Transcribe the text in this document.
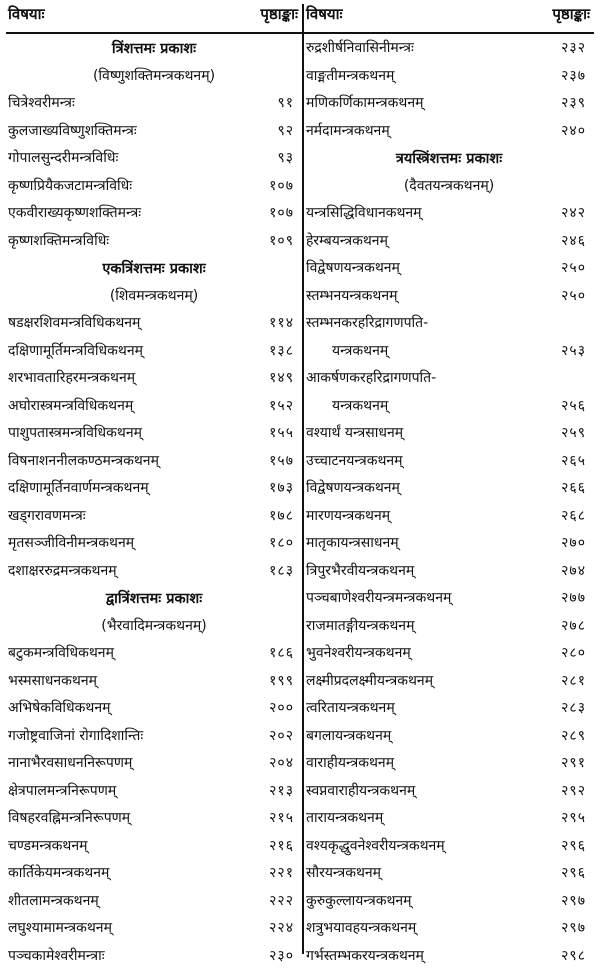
विषयाः	पृष्ठाङ्काः
त्रिंशत्तमः प्रकाशः
(विष्णुशक्तिमन्त्रकथनम्)
चित्रेश्वरीमन्त्रः	९१
कुलजाख्यविष्णुशक्तिमन्त्रः	९२
गोपालसुन्दरीमन्त्रविधिः	९३
कृष्णप्रियैकजटामन्त्रविधिः	१०७
एकवीराख्यकृष्णशक्तिमन्त्रः	१०७
कृष्णशक्तिमन्त्रविधिः	१०९
एकत्रिंशत्तमः प्रकाशः
(शिवमन्त्रकथनम्)
षडक्षरशिवमन्त्रविधिकथनम्	११४
दक्षिणामूर्तिमन्त्रविधिकथनम्	१३८
शरभावतारिहरमन्त्रकथनम्	१४९
अघोरास्त्रमन्त्रविधिकथनम्	१५२
पाशुपतास्त्रमन्त्रविधिकथनम्	१५५
विषनाशननीलकण्ठमन्त्रकथनम्	१५७
दक्षिणामूर्तिनवार्णमन्त्रकथनम्	१७३
खड्गरावणमन्त्रः	१७८
मृतसञ्जीविनीमन्त्रकथनम्	१८०
दशाक्षररुद्रमन्त्रकथनम्	१८३
द्वात्रिंशत्तमः प्रकाशः
(भैरवादिमन्त्रकथनम्)
बटुकमन्त्रविधिकथनम्	१८६
भस्मसाधनकथनम्	१९९
अभिषेकविधिकथनम्	२००
गजोष्ट्रवाजिनां रोगादिशान्तिः	२०२
नानाभैरवसाधननिरूपणम्	२०४
क्षेत्रपालमन्त्रनिरूपणम्	२१३
विषहरवह्निमन्त्रनिरूपणम्	२१५
चण्डमन्त्रकथनम्	२१६
कार्तिकेयमन्त्रकथनम्	२२१
शीतलामन्त्रकथनम्	२२२
लघुश्यामामन्त्रकथनम्	२२४
पञ्चकामेश्वरीमन्त्राः	२३०
विषयाः	पृष्ठाङ्काः
रुद्रशीर्षनिवासिनीमन्त्रः	२३२
वाङ्मतीमन्त्रकथनम्	२३७
मणिकर्णिकामन्त्रकथनम्	२३९
नर्मदामन्त्रकथनम्	२४०
त्रयस्त्रिंशत्तमः प्रकाशः
(दैवतयन्त्रकथनम्)
यन्त्रसिद्धिविधानकथनम्	२४२
हेरम्बयन्त्रकथनम्	२४६
विद्वेषणयन्त्रकथनम्	२५०
स्तम्भनयन्त्रकथनम्	२५०
स्तम्भनकरहरिद्रागणपति-
यन्त्रकथनम्	२५३
आकर्षणकरहरिद्रागणपति-
यन्त्रकथनम्	२५६
वश्यार्थं यन्त्रसाधनम्	२५९
उच्चाटनयन्त्रकथनम्	२६५
विद्वेषणयन्त्रकथनम्	२६६
मारणयन्त्रकथनम्	२६८
मातृकायन्त्रसाधनम्	२७०
त्रिपुरभैरवीयन्त्रकथनम्	२७४
पञ्चबाणेश्वरीयन्त्रमन्त्रकथनम्	२७७
राजमातङ्गीयन्त्रकथनम्	२७८
भुवनेश्वरीयन्त्रकथनम्	२८०
लक्ष्मीप्रदलक्ष्मीयन्त्रकथनम्	२८१
त्वरितायन्त्रकथनम्	२८३
बगलायन्त्रकथनम्	२८९
वाराहीयन्त्रकथनम्	२९१
स्वप्नवाराहीयन्त्रकथनम्	२९२
तारायन्त्रकथनम्	२९५
वश्यकृद्धुवनेश्वरीयन्त्रकथनम्	२९६
सौरयन्त्रकथनम्	२९६
कुरुकुल्लायन्त्रकथनम्	२९७
शत्रुभयावहयन्त्रकथनम्	२९७
गर्भस्तम्भकरयन्त्रकथनम्	२९८
